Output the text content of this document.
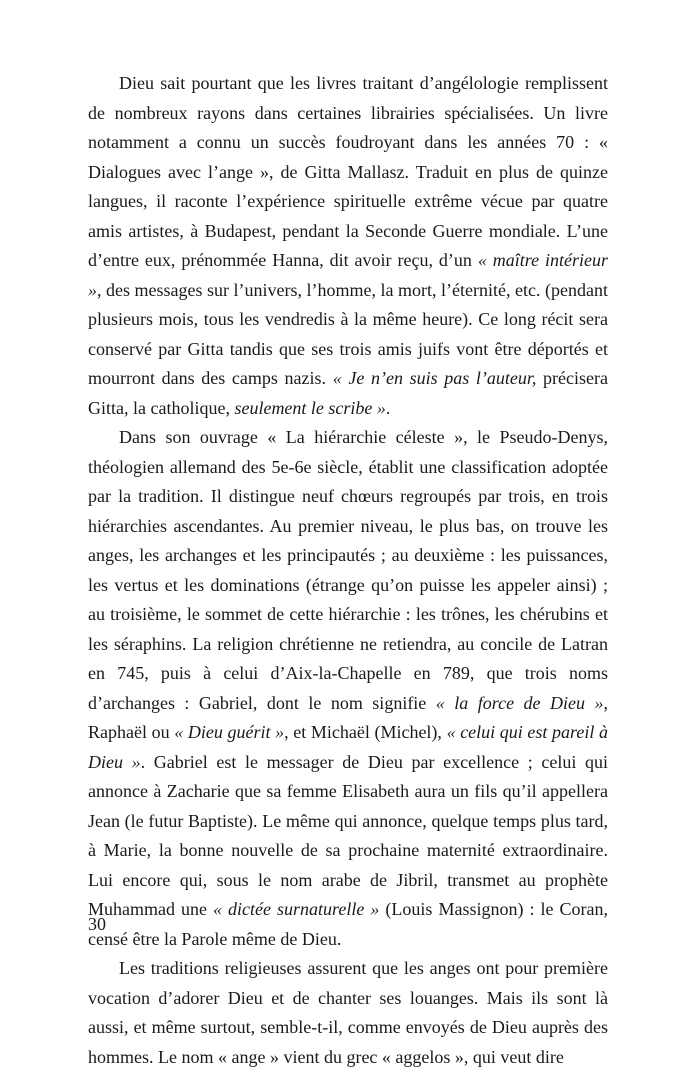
Dieu sait pourtant que les livres traitant d’angélologie remplissent de nombreux rayons dans certaines librairies spécialisées. Un livre notamment a connu un succès foudroyant dans les années 70 : « Dialogues avec l’ange », de Gitta Mallasz. Traduit en plus de quinze langues, il raconte l’expérience spirituelle extrême vécue par quatre amis artistes, à Budapest, pendant la Seconde Guerre mondiale. L’une d’entre eux, prénommée Hanna, dit avoir reçu, d’un « maître intérieur », des messages sur l’univers, l’homme, la mort, l’éternité, etc. (pendant plusieurs mois, tous les vendredis à la même heure). Ce long récit sera conservé par Gitta tandis que ses trois amis juifs vont être déportés et mourront dans des camps nazis. « Je n’en suis pas l’auteur, précisera Gitta, la catholique, seulement le scribe ».

Dans son ouvrage « La hiérarchie céleste », le Pseudo-Denys, théologien allemand des 5e-6e siècle, établit une classification adoptée par la tradition. Il distingue neuf chœurs regroupés par trois, en trois hiérarchies ascendantes. Au premier niveau, le plus bas, on trouve les anges, les archanges et les principautés ; au deuxième : les puissances, les vertus et les dominations (étrange qu’on puisse les appeler ainsi) ; au troisième, le sommet de cette hiérarchie : les trônes, les chérubins et les séraphins. La religion chrétienne ne retiendra, au concile de Latran en 745, puis à celui d’Aix-la-Chapelle en 789, que trois noms d’archanges : Gabriel, dont le nom signifie « la force de Dieu », Raphaël ou « Dieu guérit », et Michaël (Michel), « celui qui est pareil à Dieu ». Gabriel est le messager de Dieu par excellence ; celui qui annonce à Zacharie que sa femme Elisabeth aura un fils qu’il appellera Jean (le futur Baptiste). Le même qui annonce, quelque temps plus tard, à Marie, la bonne nouvelle de sa prochaine maternité extraordinaire. Lui encore qui, sous le nom arabe de Jibril, transmet au prophète Muhammad une « dictée surnaturelle » (Louis Massignon) : le Coran, censé être la Parole même de Dieu.

Les traditions religieuses assurent que les anges ont pour première vocation d’adorer Dieu et de chanter ses louanges. Mais ils sont là aussi, et même surtout, semble-t-il, comme envoyés de Dieu auprès des hommes. Le nom « ange » vient du grec « aggelos », qui veut dire

30
